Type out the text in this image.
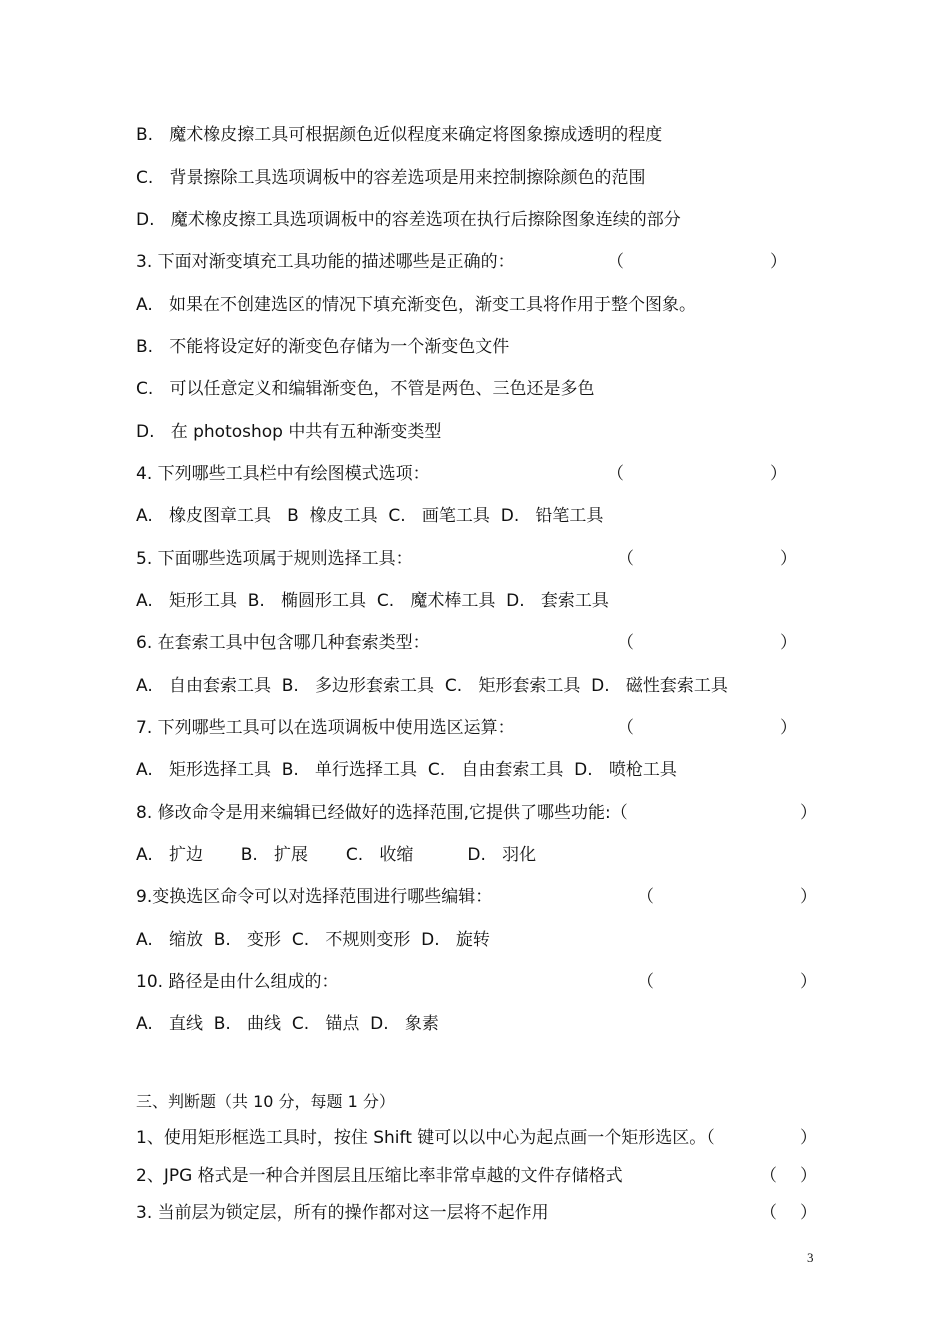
B.   魔术橡皮擦工具可根据颜色近似程度来确定将图象擦成透明的程度
C.   背景擦除工具选项调板中的容差选项是用来控制擦除颜色的范围
D.   魔术橡皮擦工具选项调板中的容差选项在执行后擦除图象连续的部分
3. 下面对渐变填充工具功能的描述哪些是正确的：	（	）
A.   如果在不创建选区的情况下填充渐变色，渐变工具将作用于整个图象。
B.   不能将设定好的渐变色存储为一个渐变色文件
C.   可以任意定义和编辑渐变色，不管是两色、三色还是多色
D.   在 photoshop 中共有五种渐变类型
4. 下列哪些工具栏中有绘图模式选项：	（	）
A.   橡皮图章工具   B  橡皮工具  C.   画笔工具  D.   铅笔工具
5. 下面哪些选项属于规则选择工具：	（	）
A.   矩形工具  B.   椭圆形工具  C.   魔术棒工具  D.   套索工具
6. 在套索工具中包含哪几种套索类型：	（	）
A.   自由套索工具  B.   多边形套索工具  C.   矩形套索工具  D.   磁性套索工具
7. 下列哪些工具可以在选项调板中使用选区运算：	（	）
A.   矩形选择工具  B.   单行选择工具  C.   自由套索工具  D.   喷枪工具
8. 修改命令是用来编辑已经做好的选择范围,它提供了哪些功能:（	）
A.   扩边       B.   扩展       C.   收缩          D.   羽化
9.变换选区命令可以对选择范围进行哪些编辑：	（	）
A.   缩放  B.   变形  C.   不规则变形  D.   旋转
10. 路径是由什么组成的：	（	）
A.   直线  B.   曲线  C.   锚点  D.   象素
三、判断题（共 10 分，每题 1 分）
1、使用矩形框选工具时，按住 Shift 键可以以中心为起点画一个矩形选区。（	）
2、JPG 格式是一种合并图层且压缩比率非常卓越的文件存储格式	（ ）
3. 当前层为锁定层，所有的操作都对这一层将不起作用	（ ）
3
